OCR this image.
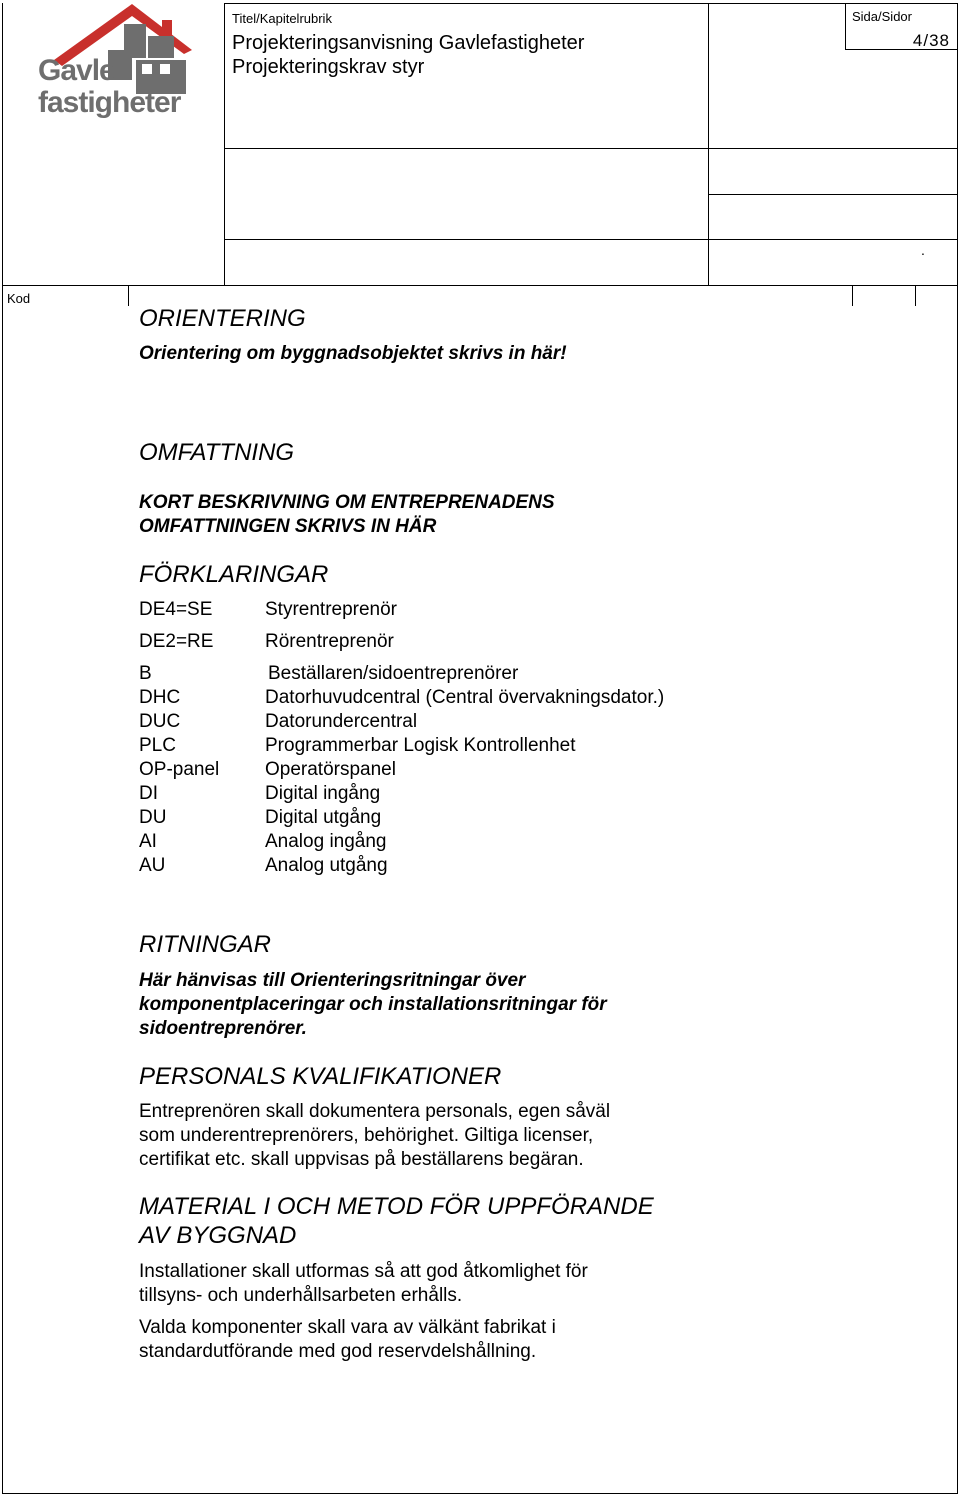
Gavle
fastigheter
Titel/Kapitelrubrik
Projekteringsanvisning Gavlefastigheter
Projekteringskrav styr
Sida/Sidor
4/38
.
Kod
ORIENTERING
Orientering om byggnadsobjektet skrivs in här!
OMFATTNING
KORT BESKRIVNING OM ENTREPRENADENS
OMFATTNINGEN SKRIVS IN HÄR
FÖRKLARINGAR
DE4=SE	Styrentreprenör
DE2=RE	Rörentreprenör
B	Beställaren/sidoentreprenörer
DHC	Datorhuvudcentral (Central övervakningsdator.)
DUC	Datorundercentral
PLC	Programmerbar Logisk Kontrollenhet
OP-panel Operatörspanel
DI	Digital ingång
DU	Digital utgång
AI	Analog ingång
AU	Analog utgång
RITNINGAR
Här hänvisas till Orienteringsritningar över
komponentplaceringar och installationsritningar för
sidoentreprenörer.
PERSONALS KVALIFIKATIONER
Entreprenören skall dokumentera personals, egen såväl
som underentreprenörers, behörighet. Giltiga licenser,
certifikat etc. skall uppvisas på beställarens begäran.
MATERIAL I OCH METOD FÖR UPPFÖRANDE
AV BYGGNAD
Installationer skall utformas så att god åtkomlighet för
tillsyns- och underhållsarbeten erhålls.
Valda komponenter skall vara av välkänt fabrikat i
standardutförande med god reservdelshållning.
